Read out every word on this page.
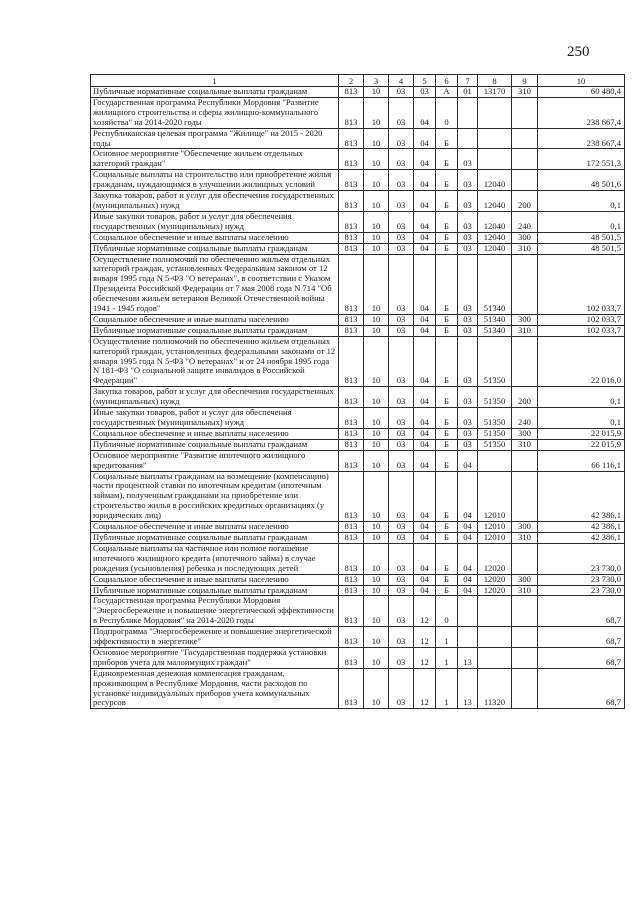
250
1	2	3	4	5	6	7	8	9	10
Публичные нормативные социальные выплаты гражданам	813	10	03	03	А	01	13170	310	60 480,4
Государственная программа Республики Мордовия "Развитие жилищного строительства и сферы жилищно-коммунального хозяйства" на 2014-2020 годы	813	10	03	04	0				238 667,4
Республиканская целевая программа "Жилище" на 2015 - 2020 годы	813	10	03	04	Б				238 667,4
Основное мероприятие "Обеспечение жильем отдельных категорий граждан"	813	10	03	04	Б	03			172 551,3
Социальные выплаты на строительство или приобретение жилья гражданам, нуждающимся в улучшении жилищных условий	813	10	03	04	Б	03	12040		48 501,6
Закупка товаров, работ и услуг для обеспечения государственных (муниципальных) нужд	813	10	03	04	Б	03	12040	200	0,1
Иные закупки товаров, работ и услуг для обеспечения государственных (муниципальных) нужд	813	10	03	04	Б	03	12040	240	0,1
Социальное обеспечение и иные выплаты населению	813	10	03	04	Б	03	12040	300	48 501,5
Публичные нормативные социальные выплаты гражданам	813	10	03	04	Б	03	12040	310	48 501,5
Осуществление полномочий по обеспечению жильем отдельных категорий граждан, установленных Федеральным законом от 12 января 1995 года N 5-ФЗ "О ветеранах", в соответствии с Указом Президента Российской Федерации от 7 мая 2008 года N 714 "Об обеспечении жильем ветеранов Великой Отечественной войны 1941 - 1945 годов"	813	10	03	04	Б	03	51340		102 033,7
Социальное обеспечение и иные выплаты населению	813	10	03	04	Б	03	51340	300	102 033,7
Публичные нормативные социальные выплаты гражданам	813	10	03	04	Б	03	51340	310	102 033,7
Осуществление полномочий по обеспечению жильем отдельных категорий граждан, установленных федеральными законами от 12 января 1995 года N 5-ФЗ "О ветеранах" и от 24 ноября 1995 года N 181-ФЗ "О социальной защите инвалидов в Российской Федерации"	813	10	03	04	Б	03	51350		22 016,0
Закупка товаров, работ и услуг для обеспечения государственных (муниципальных) нужд	813	10	03	04	Б	03	51350	200	0,1
Иные закупки товаров, работ и услуг для обеспечения государственных (муниципальных) нужд	813	10	03	04	Б	03	51350	240	0,1
Социальное обеспечение и иные выплаты населению	813	10	03	04	Б	03	51350	300	22 015,9
Публичные нормативные социальные выплаты гражданам	813	10	03	04	Б	03	51350	310	22 015,9
Основное мероприятие "Развитие ипотечного жилищного кредитования"	813	10	03	04	Б	04			66 116,1
Социальные выплаты гражданам на возмещение (компенсацию) части процентной ставки по ипотечным кредитам (ипотечным займам), полученным гражданами на приобретение или строительство жилья в российских кредитных организациях (у юридических лиц)	813	10	03	04	Б	04	12010		42 386,1
Социальное обеспечение и иные выплаты населению	813	10	03	04	Б	04	12010	300	42 386,1
Публичные нормативные социальные выплаты гражданам	813	10	03	04	Б	04	12010	310	42 386,1
Социальные выплаты на частичное или полное погашение ипотечного жилищного кредита (ипотечного займа) в случае рождения (усыновления) ребенка и последующих детей	813	10	03	04	Б	04	12020		23 730,0
Социальное обеспечение и иные выплаты населению	813	10	03	04	Б	04	12020	300	23 730,0
Публичные нормативные социальные выплаты гражданам	813	10	03	04	Б	04	12020	310	23 730,0
Государственная программа Республики Мордовия "Энергосбережение и повышение энергетической эффективности в Республике Мордовия" на 2014-2020 годы	813	10	03	12	0				68,7
Подпрограмма "Энергосбережение и повышение энергетической эффективности в энергетике"	813	10	03	12	1				68,7
Основное мероприятие "Государственная поддержка установки приборов учета для малоимущих граждан"	813	10	03	12	1	13			68,7
Единовременная денежная компенсация гражданам, проживающим в Республике Мордовия, части расходов по установке индивидуальных приборов учета коммунальных ресурсов	813	10	03	12	1	13	11320		68,7
